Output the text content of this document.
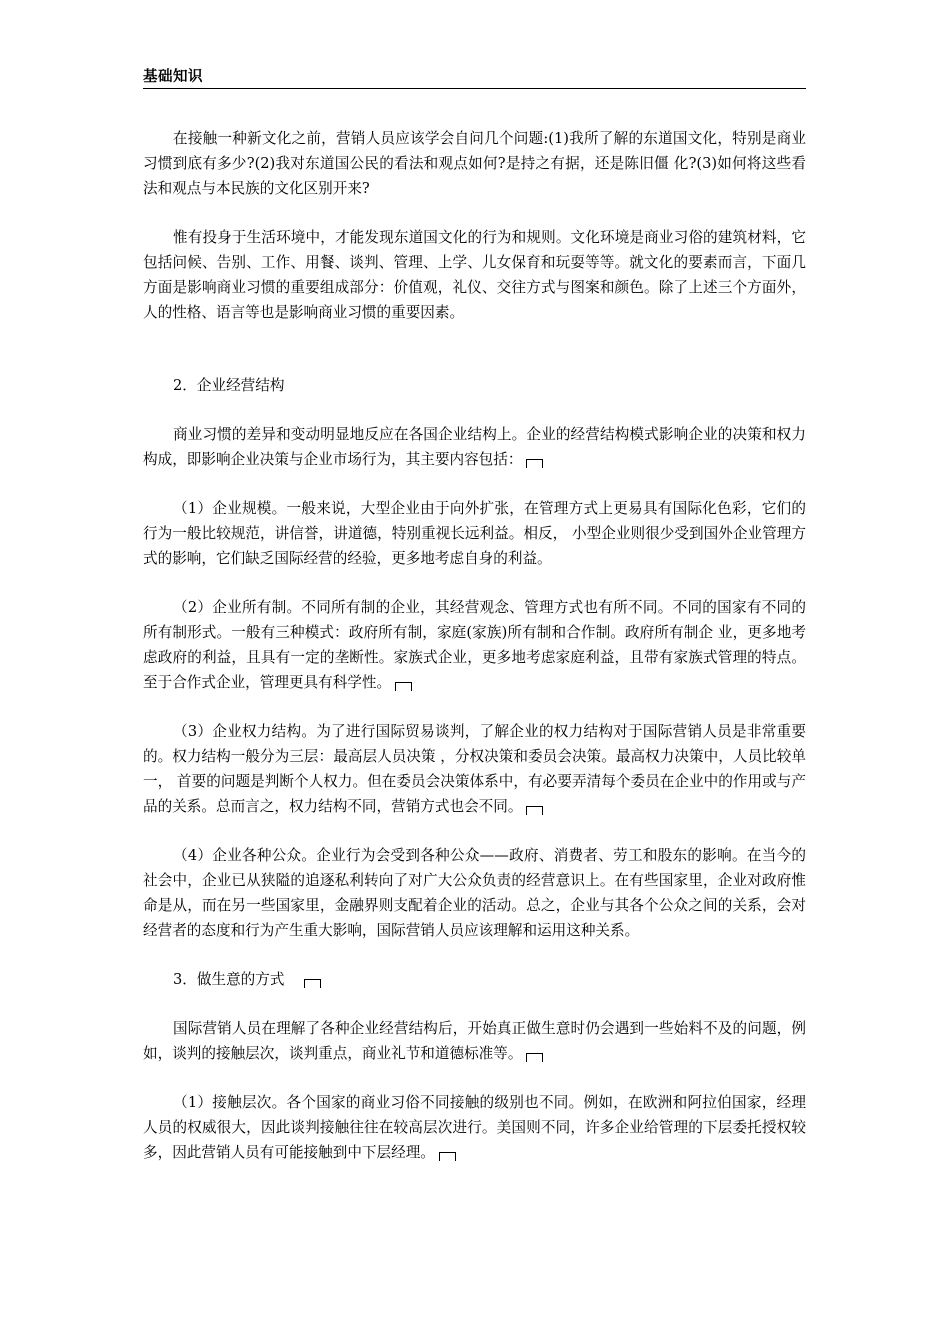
基础知识

在接触一种新文化之前，营销人员应该学会自问几个问题:(1)我所了解的东道国文化，特别是商业习惯到底有多少?(2)我对东道国公民的看法和观点如何?是持之有据，还是陈旧僵 化?(3)如何将这些看法和观点与本民族的文化区别开来?

惟有投身于生活环境中，才能发现东道国文化的行为和规则。文化环境是商业习俗的建筑材料，它包括问候、告别、工作、用餐、谈判、管理、上学、儿女保育和玩耍等等。就文化的要素而言，下面几方面是影响商业习惯的重要组成部分：价值观，礼仪、交往方式与图案和颜色。除了上述三个方面外，人的性格、语言等也是影响商业习惯的重要因素。

2．企业经营结构

商业习惯的差异和变动明显地反应在各国企业结构上。企业的经营结构模式影响企业的决策和权力构成，即影响企业决策与企业市场行为，其主要内容包括：

（1）企业规模。一般来说，大型企业由于向外扩张，在管理方式上更易具有国际化色彩，它们的行为一般比较规范，讲信誉，讲道德，特别重视长远利益。相反， 小型企业则很少受到国外企业管理方式的影响，它们缺乏国际经营的经验，更多地考虑自身的利益。

（2）企业所有制。不同所有制的企业，其经营观念、管理方式也有所不同。不同的国家有不同的所有制形式。一般有三种模式：政府所有制，家庭(家族)所有制和合作制。政府所有制企 业，更多地考虑政府的利益，且具有一定的垄断性。家族式企业，更多地考虑家庭利益，且带有家族式管理的特点。至于合作式企业，管理更具有科学性。

（3）企业权力结构。为了进行国际贸易谈判，了解企业的权力结构对于国际营销人员是非常重要的。权力结构一般分为三层：最高层人员决策 ，分权决策和委员会决策。最高权力决策中，人员比较单一， 首要的问题是判断个人权力。但在委员会决策体系中，有必要弄清每个委员在企业中的作用或与产品的关系。总而言之，权力结构不同，营销方式也会不同。

（4）企业各种公众。企业行为会受到各种公众——政府、消费者、劳工和股东的影响。在当今的社会中，企业已从狭隘的追逐私利转向了对广大公众负责的经营意识上。在有些国家里，企业对政府惟命是从，而在另一些国家里，金融界则支配着企业的活动。总之，企业与其各个公众之间的关系，会对经营者的态度和行为产生重大影响，国际营销人员应该理解和运用这种关系。

3．做生意的方式

国际营销人员在理解了各种企业经营结构后，开始真正做生意时仍会遇到一些始料不及的问题，例如，谈判的接触层次，谈判重点，商业礼节和道德标准等。

（1）接触层次。各个国家的商业习俗不同接触的级别也不同。例如，在欧洲和阿拉伯国家，经理人员的权威很大，因此谈判接触往往在较高层次进行。美国则不同，许多企业给管理的下层委托授权较多，因此营销人员有可能接触到中下层经理。
